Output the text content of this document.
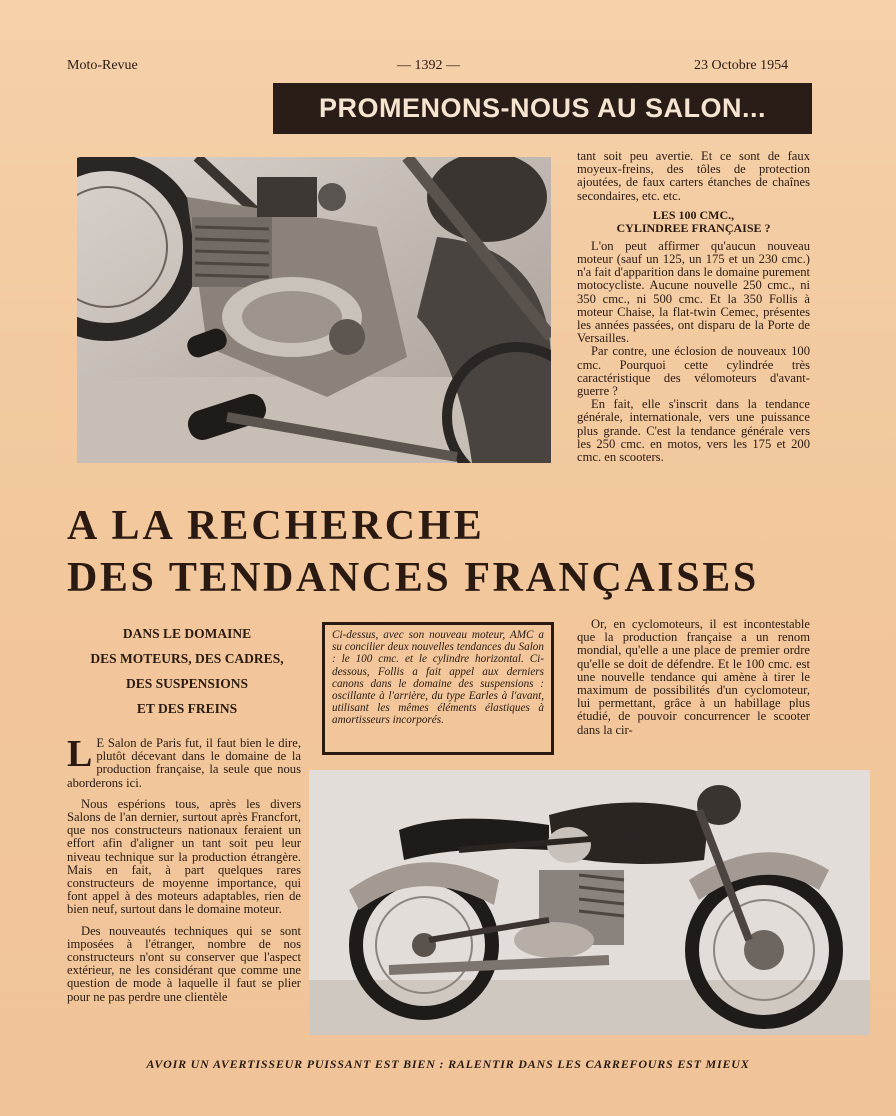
Moto-Revue	— 1392 —	23 Octobre 1954
PROMENONS-NOUS AU SALON...

tant soit peu avertie. Et ce sont de faux moyeux-freins, des tôles de protection ajoutées, de faux carters étanches de chaînes secondaires, etc. etc.

LES 100 CMC.,
CYLINDREE FRANÇAISE ?

L'on peut affirmer qu'aucun nouveau moteur (sauf un 125, un 175 et un 230 cmc.) n'a fait d'apparition dans le domaine purement motocycliste. Aucune nouvelle 250 cmc., ni 350 cmc., ni 500 cmc. Et la 350 Follis à moteur Chaise, la flat-twin Cemec, présentes les années passées, ont disparu de la Porte de Versailles.

Par contre, une éclosion de nouveaux 100 cmc. Pourquoi cette cylindrée très caractéristique des vélomoteurs d'avant-guerre ?

En fait, elle s'inscrit dans la tendance générale, internationale, vers une puissance plus grande. C'est la tendance générale vers les 250 cmc. en motos, vers les 175 et 200 cmc. en scooters.

A LA RECHERCHE
DES TENDANCES FRANÇAISES
DANS LE DOMAINE
DES MOTEURS, DES CADRES,
DES SUSPENSIONS
ET DES FREINS
Ci-dessus, avec son nouveau moteur, AMC a su concilier deux nouvelles tendances du Salon : le 100 cmc. et le cylindre horizontal. Ci-dessous, Follis a fait appel aux derniers canons dans le domaine des suspensions : oscillante à l'arrière, du type Earles à l'avant, utilisant les mêmes éléments élastiques à amortisseurs incorporés.

L E Salon de Paris fut, il faut bien le dire, plutôt décevant dans le domaine de la production française, la seule que nous aborderons ici.

Nous espérions tous, après les divers Salons de l'an dernier, surtout après Francfort, que nos constructeurs nationaux feraient un effort afin d'aligner un tant soit peu leur niveau technique sur la production étrangère. Mais en fait, à part quelques rares constructeurs de moyenne importance, qui font appel à des moteurs adaptables, rien de bien neuf, surtout dans le domaine moteur.

Des nouveautés techniques qui se sont imposées à l'étranger, nombre de nos constructeurs n'ont su conserver que l'aspect extérieur, ne les considérant que comme une question de mode à laquelle il faut se plier pour ne pas perdre une clientèle

Or, en cyclomoteurs, il est incontestable que la production française a un renom mondial, qu'elle a une place de premier ordre qu'elle se doit de défendre. Et le 100 cmc. est une nouvelle tendance qui amène à tirer le maximum de possibilités d'un cyclomoteur, lui permettant, grâce à un habillage plus étudié, de pouvoir concurrencer le scooter dans la cir-

AVOIR UN AVERTISSEUR PUISSANT EST BIEN : RALENTIR DANS LES CARREFOURS EST MIEUX
